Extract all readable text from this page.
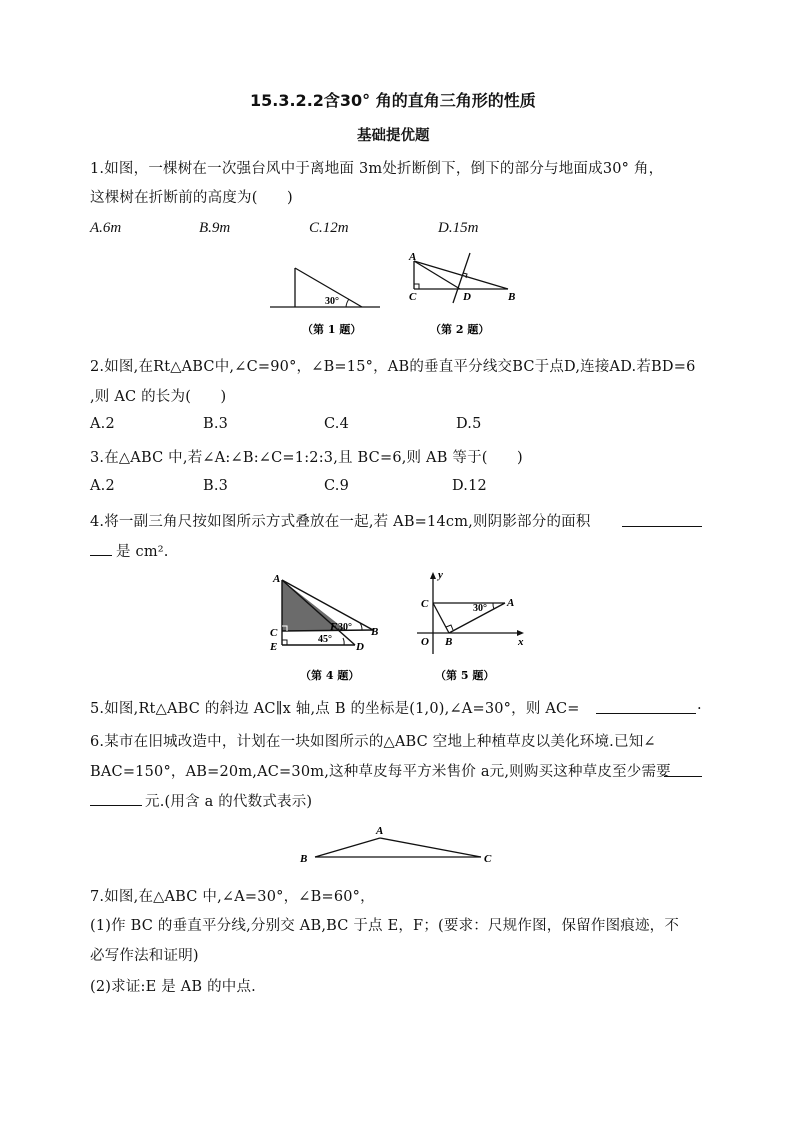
15.3.2.2含30° 角的直角三角形的性质
基础提优题
1.如图，一棵树在一次强台风中于离地面 3m处折断倒下，倒下的部分与地面成30° 角，
这棵树在折断前的高度为(　　)
A.6m	B.9m	C.12m	D.15m
30°
（第 1 题）
A
C	D	B
（第 2 题）
2.如图,在Rt△ABC中,∠C=90°，∠B=15°，AB的垂直平分线交BC于点D,连接AD.若BD=6
,则 AC 的长为(　　)
A.2	B.3	C.4	D.5
3.在△ABC 中,若∠A:∠B:∠C=1:2:3,且 BC=6,则 AB 等于(　　)
A.2	B.3	C.9	D.12
4.将一副三角尺按如图所示方式叠放在一起,若 AB=14cm,则阴影部分的面积
是 cm².
A
C
E
F 30° B
45°
D
（第 4 题）
y
C	30° A
O B	x
（第 5 题）
5.如图,Rt△ABC 的斜边 AC∥x 轴,点 B 的坐标是(1,0),∠A=30°，则 AC=	.
6.某市在旧城改造中，计划在一块如图所示的△ABC 空地上种植草皮以美化环境.已知∠
BAC=150°，AB=20m,AC=30m,这种草皮每平方米售价 a元,则购买这种草皮至少需要
元.(用含 a 的代数式表示)
A
B	C
7.如图,在△ABC 中,∠A=30°，∠B=60°，
(1)作 BC 的垂直平分线,分别交 AB,BC 于点 E，F；(要求：尺规作图，保留作图痕迹，不
必写作法和证明)
(2)求证:E 是 AB 的中点.
